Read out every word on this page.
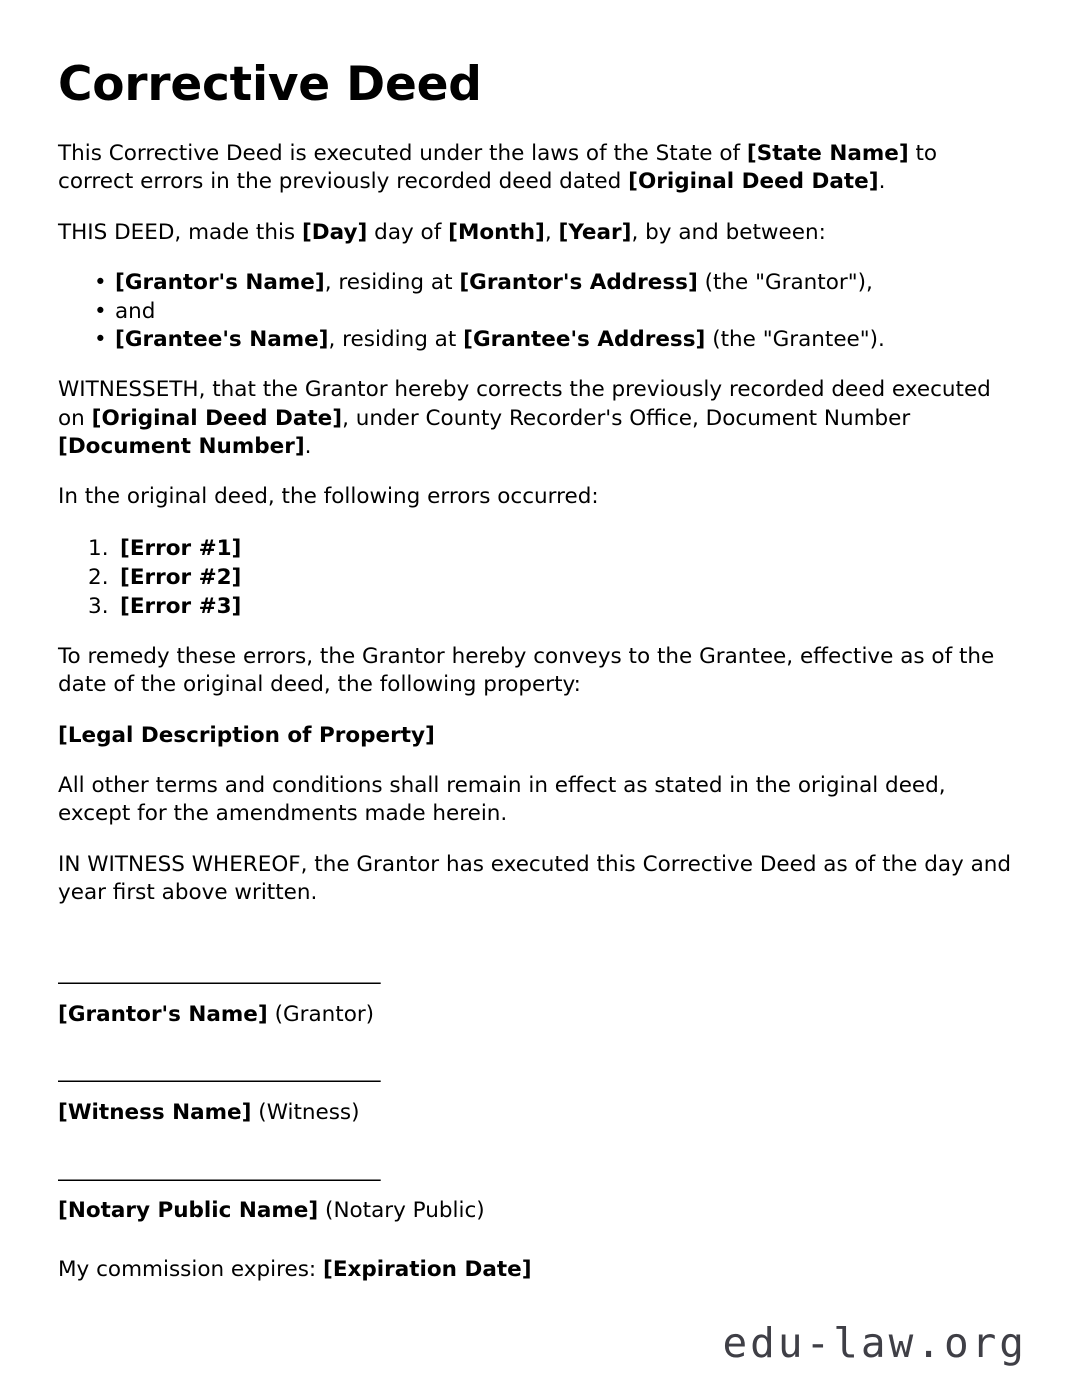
Corrective Deed

This Corrective Deed is executed under the laws of the State of [State Name] to correct errors in the previously recorded deed dated [Original Deed Date].

THIS DEED, made this [Day] day of [Month], [Year], by and between:

• [Grantor's Name], residing at [Grantor's Address] (the "Grantor"),
• and
• [Grantee's Name], residing at [Grantee's Address] (the "Grantee").

WITNESSETH, that the Grantor hereby corrects the previously recorded deed executed on [Original Deed Date], under County Recorder's Office, Document Number [Document Number].

In the original deed, the following errors occurred:

[Error #1]
[Error #2]
[Error #3]

To remedy these errors, the Grantor hereby conveys to the Grantee, effective as of the date of the original deed, the following property:

[Legal Description of Property]

All other terms and conditions shall remain in effect as stated in the original deed, except for the amendments made herein.

IN WITNESS WHEREOF, the Grantor has executed this Corrective Deed as of the day and year first above written.

______________________________
[Grantor's Name] (Grantor)
______________________________
[Witness Name] (Witness)
______________________________
[Notary Public Name] (Notary Public)

My commission expires: [Expiration Date]

edu-law.org
